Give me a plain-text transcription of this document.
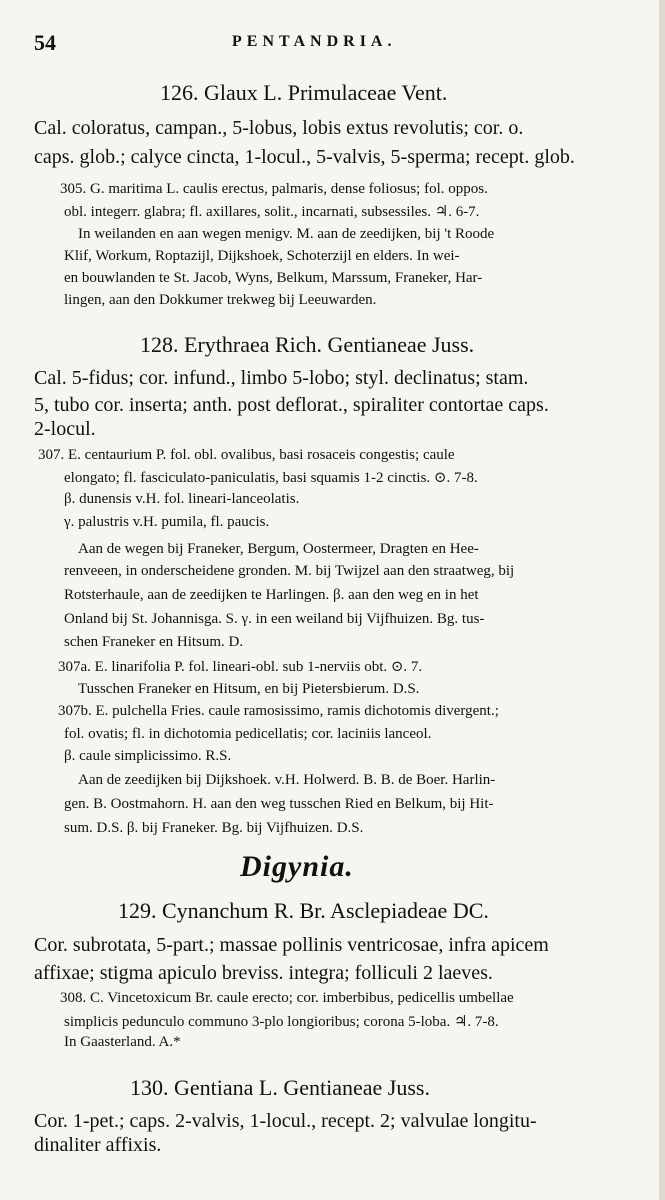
54	PENTANDRIA.
Digynia.
126. Glaux L. Primulaceae Vent.
Cal. coloratus, campan., 5-lobus, lobis extus revolutis; cor. o.
caps. glob.; calyce cincta, 1-locul., 5-valvis, 5-sperma; recept. glob.
305. G. maritima L. caulis erectus, palmaris, dense foliosus; fol. oppos.
obl. integerr. glabra; fl. axillares, solit., incarnati, subsessiles. ♃. 6-7.
In weilanden en aan wegen menigv. M. aan de zeedijken, bij 't Roode
Klif, Workum, Roptazijl, Dijkshoek, Schoterzijl en elders. In wei-
en bouwlanden te St. Jacob, Wyns, Belkum, Marssum, Franeker, Har-
lingen, aan den Dokkumer trekweg bij Leeuwarden.
128. Erythraea Rich. Gentianeae Juss.
Cal. 5-fidus; cor. infund., limbo 5-lobo; styl. declinatus; stam.
5, tubo cor. inserta; anth. post deflorat., spiraliter contortae caps.
2-locul.
307. E. centaurium P. fol. obl. ovalibus, basi rosaceis congestis; caule
elongato; fl. fasciculato-paniculatis, basi squamis 1-2 cinctis. ⊙. 7-8.
β. dunensis v.H. fol. lineari-lanceolatis.
γ. palustris v.H. pumila, fl. paucis.
Aan de wegen bij Franeker, Bergum, Oostermeer, Dragten en Hee-
renveeen, in onderscheidene gronden. M. bij Twijzel aan den straatweg, bij
Rotsterhaule, aan de zeedijken te Harlingen. β. aan den weg en in het
Onland bij St. Johannisga. S. γ. in een weiland bij Vijfhuizen. Bg. tus-
schen Franeker en Hitsum. D.
307a. E. linarifolia P. fol. lineari-obl. sub 1-nerviis obt. ⊙. 7.
Tusschen Franeker en Hitsum, en bij Pietersbierum. D.S.
307b. E. pulchella Fries. caule ramosissimo, ramis dichotomis divergent.;
fol. ovatis; fl. in dichotomia pedicellatis; cor. laciniis lanceol.
β. caule simplicissimo. R.S.
Aan de zeedijken bij Dijkshoek. v.H. Holwerd. B. B. de Boer. Harlin-
gen. B. Oostmahorn. H. aan den weg tusschen Ried en Belkum, bij Hit-
sum. D.S. β. bij Franeker. Bg. bij Vijfhuizen. D.S.
129. Cynanchum R. Br. Asclepiadeae DC.
Cor. subrotata, 5-part.; massae pollinis ventricosae, infra apicem
affixae; stigma apiculo breviss. integra; folliculi 2 laeves.
308. C. Vincetoxicum Br. caule erecto; cor. imberbibus, pedicellis umbellae
simplicis pedunculo communo 3-plo longioribus; corona 5-loba. ♃. 7-8.
In Gaasterland. A.*
130. Gentiana L. Gentianeae Juss.
Cor. 1-pet.; caps. 2-valvis, 1-locul., recept. 2; valvulae longitu-
dinaliter affixis.
